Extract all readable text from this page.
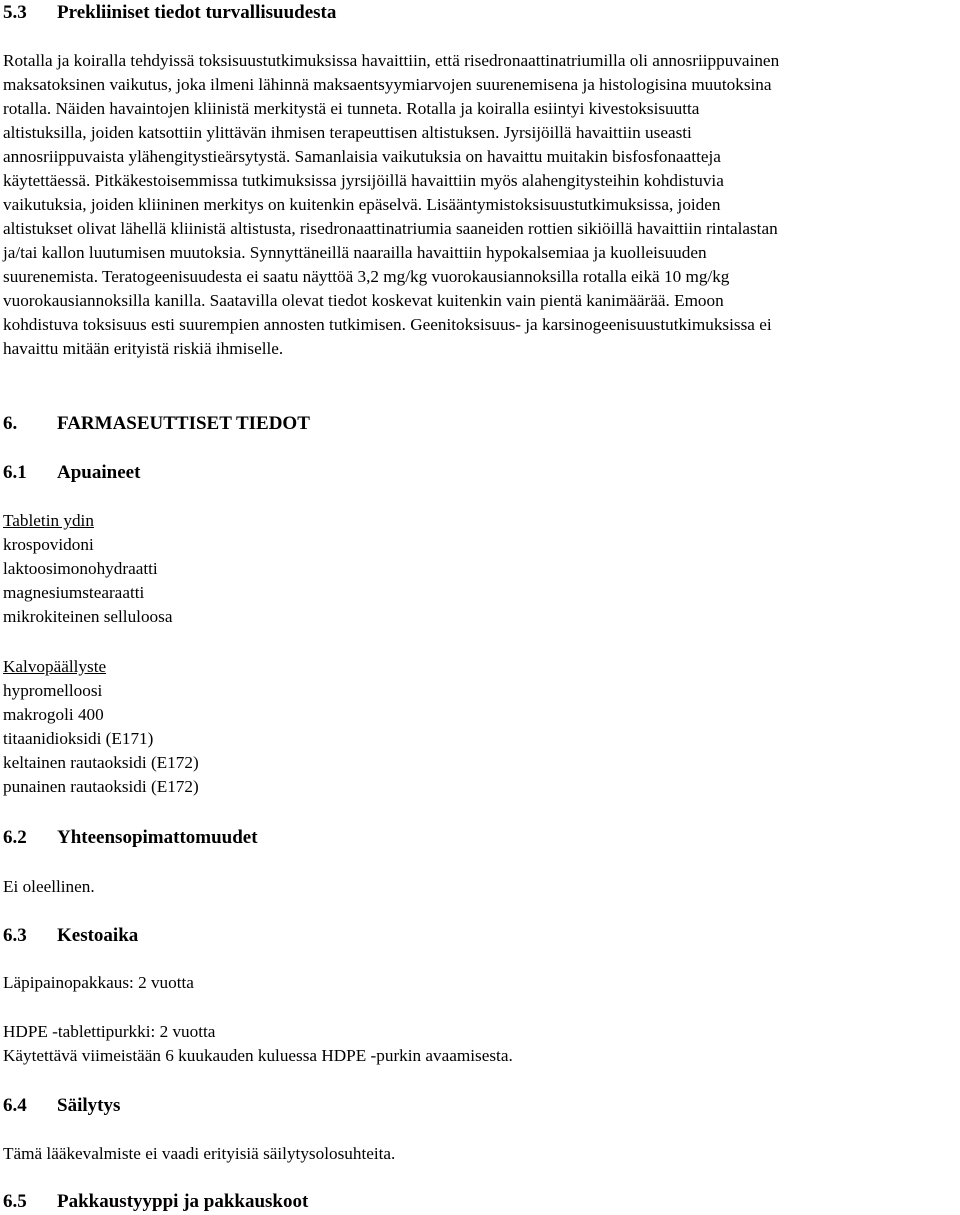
5.3 Prekliiniset tiedot turvallisuudesta
Rotalla ja koiralla tehdyissä toksisuustutkimuksissa havaittiin, että risedronaattinatriumilla oli annosriippuvainen
maksatoksinen vaikutus, joka ilmeni lähinnä maksaentsyymiarvojen suurenemisena ja histologisina muutoksina
rotalla. Näiden havaintojen kliinistä merkitystä ei tunneta. Rotalla ja koiralla esiintyi kivestoksisuutta
altistuksilla, joiden katsottiin ylittävän ihmisen terapeuttisen altistuksen. Jyrsijöillä havaittiin useasti
annosriippuvaista ylähengitystieärsytystä. Samanlaisia vaikutuksia on havaittu muitakin bisfosfonaatteja
käytettäessä. Pitkäkestoisemmissa tutkimuksissa jyrsijöillä havaittiin myös alahengitysteihin kohdistuvia
vaikutuksia, joiden kliininen merkitys on kuitenkin epäselvä. Lisääntymistoksisuustutkimuksissa, joiden
altistukset olivat lähellä kliinistä altistusta, risedronaattinatriumia saaneiden rottien sikiöillä havaittiin rintalastan
ja/tai kallon luutumisen muutoksia. Synnyttäneillä naarailla havaittiin hypokalsemiaa ja kuolleisuuden
suurenemista. Teratogeenisuudesta ei saatu näyttöä 3,2 mg/kg vuorokausiannoksilla rotalla eikä 10 mg/kg
vuorokausiannoksilla kanilla. Saatavilla olevat tiedot koskevat kuitenkin vain pientä kanimäärää. Emoon
kohdistuva toksisuus esti suurempien annosten tutkimisen. Geenitoksisuus- ja karsinogeenisuustutkimuksissa ei
havaittu mitään erityistä riskiä ihmiselle.
6. FARMASEUTTISET TIEDOT
6.1 Apuaineet
Tabletin ydin
krospovidoni
laktoosimonohydraatti
magnesiumstearaatti
mikrokiteinen selluloosa
Kalvopäällyste
hypromelloosi
makrogoli 400
titaanidioksidi (E171)
keltainen rautaoksidi (E172)
punainen rautaoksidi (E172)
6.2 Yhteensopimattomuudet
Ei oleellinen.
6.3 Kestoaika
Läpipainopakkaus: 2 vuotta
HDPE -tablettipurkki: 2 vuotta
Käytettävä viimeistään 6 kuukauden kuluessa HDPE -purkin avaamisesta.
6.4 Säilytys
Tämä lääkevalmiste ei vaadi erityisiä säilytysolosuhteita.
6.5 Pakkaustyyppi ja pakkauskoot
